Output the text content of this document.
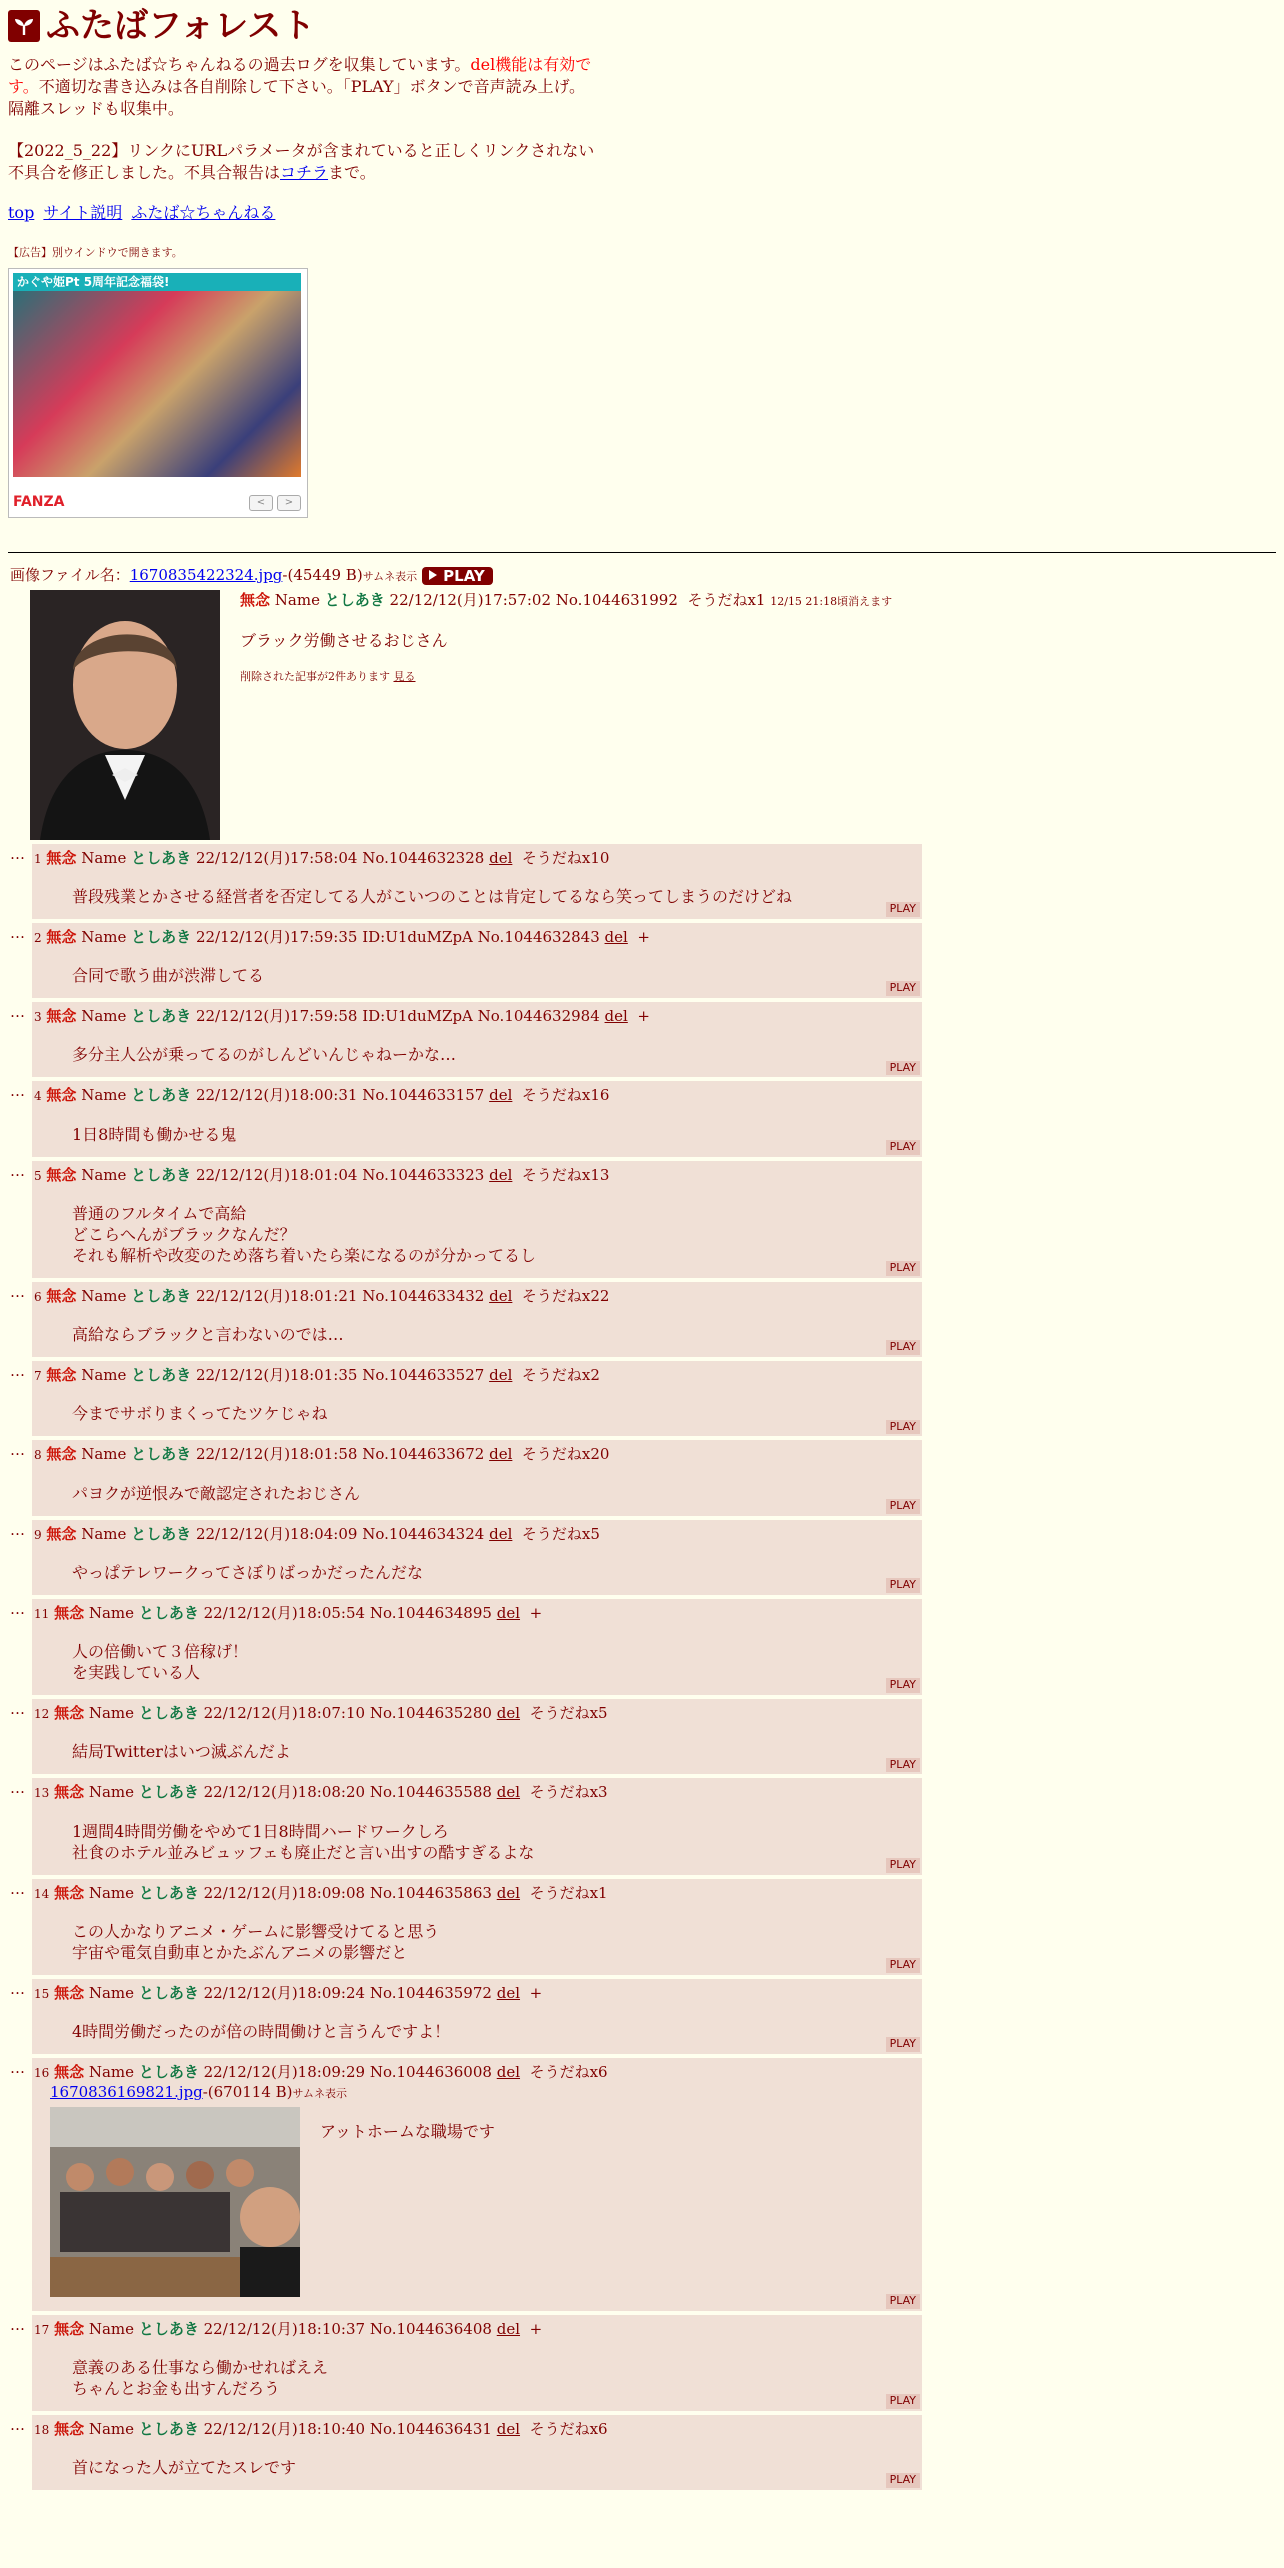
ふたばフォレスト
このページはふたば☆ちゃんねるの過去ログを収集しています。del機能は有効です。不適切な書き込みは各自削除して下さい。「PLAY」ボタンで音声読み上げ。隔離スレッドも収集中。
【2022_5_22】リンクにURLパラメータが含まれていると正しくリンクされない不具合を修正しました。不具合報告はコチラまで。
top サイト説明 ふたば☆ちゃんねる
【広告】別ウインドウで開きます。
かぐや姫Pt 5周年記念福袋!
FANZA	<	>
画像ファイル名：1670835422324.jpg-(45449 B)サムネ表示 PLAY
無念 Name としあき 22/12/12(月)17:57:02 No.1044631992 そうだねx1 12/15 21:18頃消えます
ブラック労働させるおじさん
削除された記事が2件あります 見る
… 1 無念 Name としあき 22/12/12(月)17:58:04 No.1044632328 del そうだねx10
普段残業とかさせる経営者を否定してる人がこいつのことは肯定してるなら笑ってしまうのだけどね
PLAY
… 2 無念 Name としあき 22/12/12(月)17:59:35 ID:U1duMZpA No.1044632843 del +
合同で歌う曲が渋滞してる
PLAY
… 3 無念 Name としあき 22/12/12(月)17:59:58 ID:U1duMZpA No.1044632984 del +
多分主人公が乗ってるのがしんどいんじゃねーかな…
PLAY
… 4 無念 Name としあき 22/12/12(月)18:00:31 No.1044633157 del そうだねx16
1日8時間も働かせる鬼
PLAY
… 5 無念 Name としあき 22/12/12(月)18:01:04 No.1044633323 del そうだねx13
普通のフルタイムで高給
どこらへんがブラックなんだ？
それも解析や改変のため落ち着いたら楽になるのが分かってるし
PLAY
… 6 無念 Name としあき 22/12/12(月)18:01:21 No.1044633432 del そうだねx22
高給ならブラックと言わないのでは…
PLAY
… 7 無念 Name としあき 22/12/12(月)18:01:35 No.1044633527 del そうだねx2
今までサボりまくってたツケじゃね
PLAY
… 8 無念 Name としあき 22/12/12(月)18:01:58 No.1044633672 del そうだねx20
パヨクが逆恨みで敵認定されたおじさん
PLAY
… 9 無念 Name としあき 22/12/12(月)18:04:09 No.1044634324 del そうだねx5
やっぱテレワークってさぼりばっかだったんだな
PLAY
… 11 無念 Name としあき 22/12/12(月)18:05:54 No.1044634895 del +
人の倍働いて３倍稼げ！
を実践している人
PLAY
… 12 無念 Name としあき 22/12/12(月)18:07:10 No.1044635280 del そうだねx5
結局Twitterはいつ滅ぶんだよ
PLAY
… 13 無念 Name としあき 22/12/12(月)18:08:20 No.1044635588 del そうだねx3
1週間4時間労働をやめて1日8時間ハードワークしろ
社食のホテル並みビュッフェも廃止だと言い出すの酷すぎるよな
PLAY
… 14 無念 Name としあき 22/12/12(月)18:09:08 No.1044635863 del そうだねx1
この人かなりアニメ・ゲームに影響受けてると思う
宇宙や電気自動車とかたぶんアニメの影響だと
PLAY
… 15 無念 Name としあき 22/12/12(月)18:09:24 No.1044635972 del +
4時間労働だったのが倍の時間働けと言うんですよ！
PLAY
… 16 無念 Name としあき 22/12/12(月)18:09:29 No.1044636008 del そうだねx6
1670836169821.jpg-(670114 B)サムネ表示
アットホームな職場です
PLAY
… 17 無念 Name としあき 22/12/12(月)18:10:37 No.1044636408 del +
意義のある仕事なら働かせればええ
ちゃんとお金も出すんだろう
PLAY
… 18 無念 Name としあき 22/12/12(月)18:10:40 No.1044636431 del そうだねx6
首になった人が立てたスレです
PLAY
